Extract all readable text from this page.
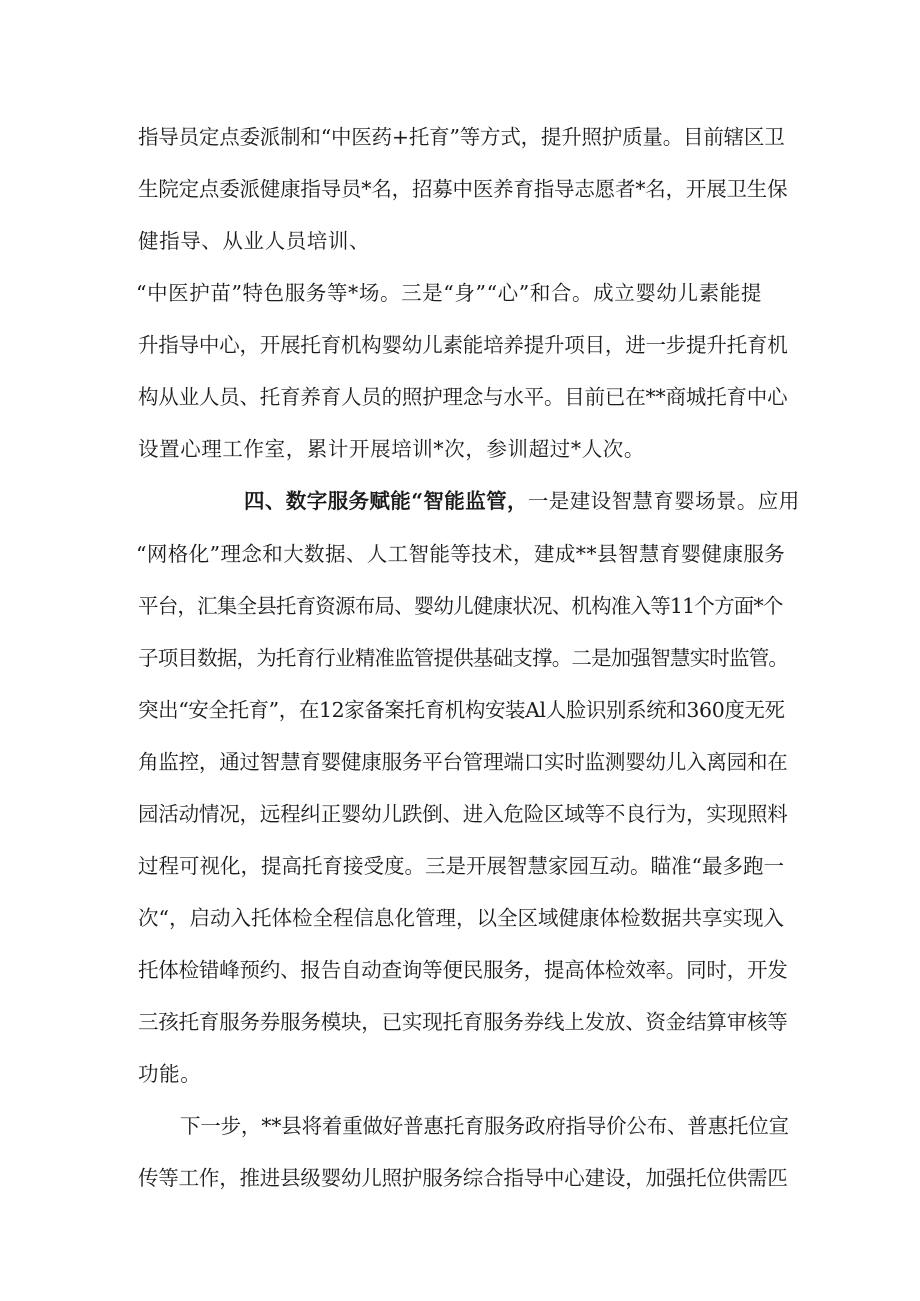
指导员定点委派制和“中医药+托育”等方式，提升照护质量。目前辖区卫
生院定点委派健康指导员*名，招募中医养育指导志愿者*名，开展卫生保
健指导、从业人员培训、
“中医护苗”特色服务等*场。三是“身”“心”和合。成立婴幼儿素能提
升指导中心，开展托育机构婴幼儿素能培养提升项目，进一步提升托育机
构从业人员、托育养育人员的照护理念与水平。目前已在**商城托育中心
设置心理工作室，累计开展培训*次，参训超过*人次。
四、数字服务赋能“智能监管，一是建设智慧育婴场景。应用
“网格化”理念和大数据、人工智能等技术，建成**县智慧育婴健康服务
平台，汇集全县托育资源布局、婴幼儿健康状况、机构准入等11个方面*个
子项目数据，为托育行业精准监管提供基础支撑。二是加强智慧实时监管。
突出“安全托育”，在12家备案托育机构安装Al人脸识别系统和360度无死
角监控，通过智慧育婴健康服务平台管理端口实时监测婴幼儿入离园和在
园活动情况，远程纠正婴幼儿跌倒、进入危险区域等不良行为，实现照料
过程可视化，提高托育接受度。三是开展智慧家园互动。瞄准“最多跑一
次“，启动入托体检全程信息化管理，以全区域健康体检数据共享实现入
托体检错峰预约、报告自动查询等便民服务，提高体检效率。同时，开发
三孩托育服务券服务模块，已实现托育服务券线上发放、资金结算审核等
功能。
下一步，**县将着重做好普惠托育服务政府指导价公布、普惠托位宣
传等工作，推进县级婴幼儿照护服务综合指导中心建设，加强托位供需匹
